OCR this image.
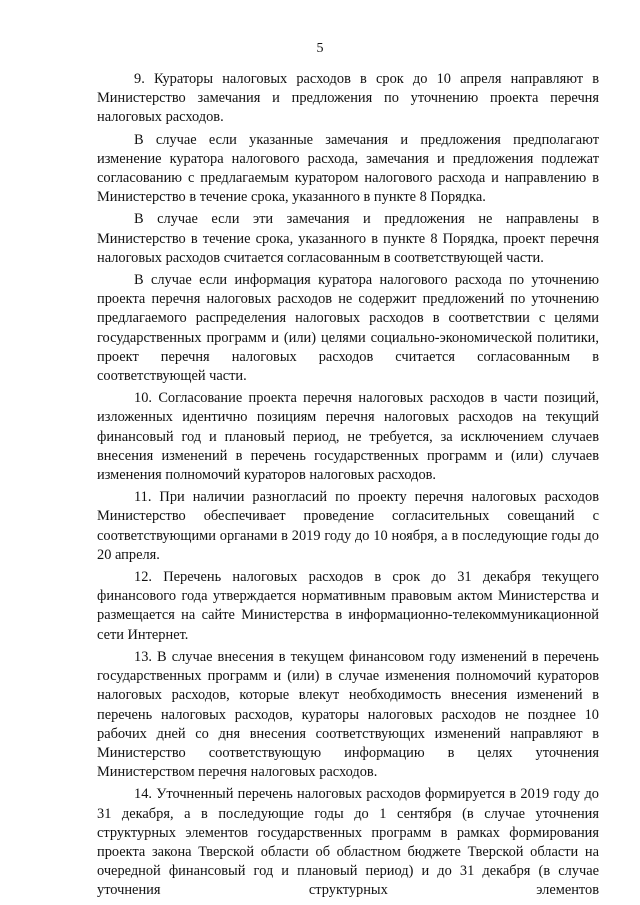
5

9. Кураторы налоговых расходов в срок до 10 апреля направляют в Министерство замечания и предложения по уточнению проекта перечня налоговых расходов.

В случае если указанные замечания и предложения предполагают изменение куратора налогового расхода, замечания и предложения подлежат согласованию с предлагаемым куратором налогового расхода и направлению в Министерство в течение срока, указанного в пункте 8 Порядка.

В случае если эти замечания и предложения не направлены в Министерство в течение срока, указанного в пункте 8 Порядка, проект перечня налоговых расходов считается согласованным в соответствующей части.

В случае если информация куратора налогового расхода по уточнению проекта перечня налоговых расходов не содержит предложений по уточнению предлагаемого распределения налоговых расходов в соответствии с целями государственных программ и (или) целями социально-экономической политики, проект перечня налоговых расходов считается согласованным в соответствующей части.

10. Согласование проекта перечня налоговых расходов в части позиций, изложенных идентично позициям перечня налоговых расходов на текущий финансовый год и плановый период, не требуется, за исключением случаев внесения изменений в перечень государственных программ и (или) случаев изменения полномочий кураторов налоговых расходов.

11. При наличии разногласий по проекту перечня налоговых расходов Министерство обеспечивает проведение согласительных совещаний с соответствующими органами в 2019 году до 10 ноября, а в последующие годы до 20 апреля.

12. Перечень налоговых расходов в срок до 31 декабря текущего финансового года утверждается нормативным правовым актом Министерства и размещается на сайте Министерства в информационно-телекоммуникационной сети Интернет.

13. В случае внесения в текущем финансовом году изменений в перечень государственных программ и (или) в случае изменения полномочий кураторов налоговых расходов, которые влекут необходимость внесения изменений в перечень налоговых расходов, кураторы налоговых расходов не позднее 10 рабочих дней со дня внесения соответствующих изменений направляют в Министерство соответствующую информацию в целях уточнения Министерством перечня налоговых расходов.

14. Уточненный перечень налоговых расходов формируется в 2019 году до 31 декабря, а в последующие годы до 1 сентября (в случае уточнения структурных элементов государственных программ в рамках формирования проекта закона Тверской области об областном бюджете Тверской области на очередной финансовый год и плановый период) и до 31 декабря (в случае уточнения структурных элементов
